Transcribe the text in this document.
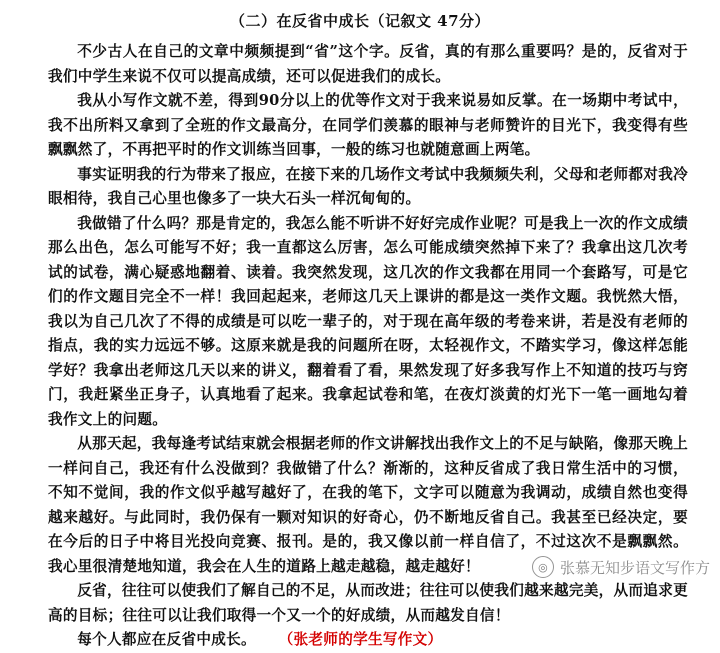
（二）在反省中成长（记叙文 47分）

不少古人在自己的文章中频频提到“省”这个字。反省，真的有那么重要吗？是的，反省对于我们中学生来说不仅可以提高成绩，还可以促进我们的成长。

我从小写作文就不差，得到90分以上的优等作文对于我来说易如反掌。在一场期中考试中，我不出所料又拿到了全班的作文最高分，在同学们羡慕的眼神与老师赞许的目光下，我变得有些飘飘然了，不再把平时的作文训练当回事，一般的练习也就随意画上两笔。

事实证明我的行为带来了报应，在接下来的几场作文考试中我频频失利，父母和老师都对我冷眼相待，我自己心里也像多了一块大石头一样沉甸甸的。

我做错了什么吗？那是肯定的，我怎么能不听讲不好好完成作业呢？可是我上一次的作文成绩那么出色，怎么可能写不好；我一直都这么厉害，怎么可能成绩突然掉下来了？我拿出这几次考试的试卷，满心疑惑地翻着、读着。我突然发现，这几次的作文我都在用同一个套路写，可是它们的作文题目完全不一样！我回起起来，老师这几天上课讲的都是这一类作文题。我恍然大悟，我以为自己几次了不得的成绩是可以吃一辈子的，对于现在高年级的考卷来讲，若是没有老师的指点，我的实力远远不够。这原来就是我的问题所在呀，太轻视作文，不踏实学习，像这样怎能学好？我拿出老师这几天以来的讲义，翻着看了看，果然发现了好多我写作上不知道的技巧与窍门，我赶紧坐正身子，认真地看了起来。我拿起试卷和笔，在夜灯淡黄的灯光下一笔一画地勾着我作文上的问题。

从那天起，我每逢考试结束就会根据老师的作文讲解找出我作文上的不足与缺陷，像那天晚上一样问自己，我还有什么没做到？我做错了什么？渐渐的，这种反省成了我日常生活中的习惯，不知不觉间，我的作文似乎越写越好了，在我的笔下，文字可以随意为我调动，成绩自然也变得越来越好。与此同时，我仍保有一颗对知识的好奇心，仍不断地反省自己。我甚至已经决定，要在今后的日子中将目光投向竞赛、报刊。是的，我又像以前一样自信了，不过这次不是飘飘然。我心里很清楚地知道，我会在人生的道路上越走越稳，越走越好！

反省，往往可以使我们了解自己的不足，从而改进；往往可以使我们越来越完美，从而追求更高的目标；往往可以让我们取得一个又一个的好成绩，从而越发自信！

每个人都应在反省中成长。 （张老师的学生写作文）

◎ 张慕无知步语文写作方
